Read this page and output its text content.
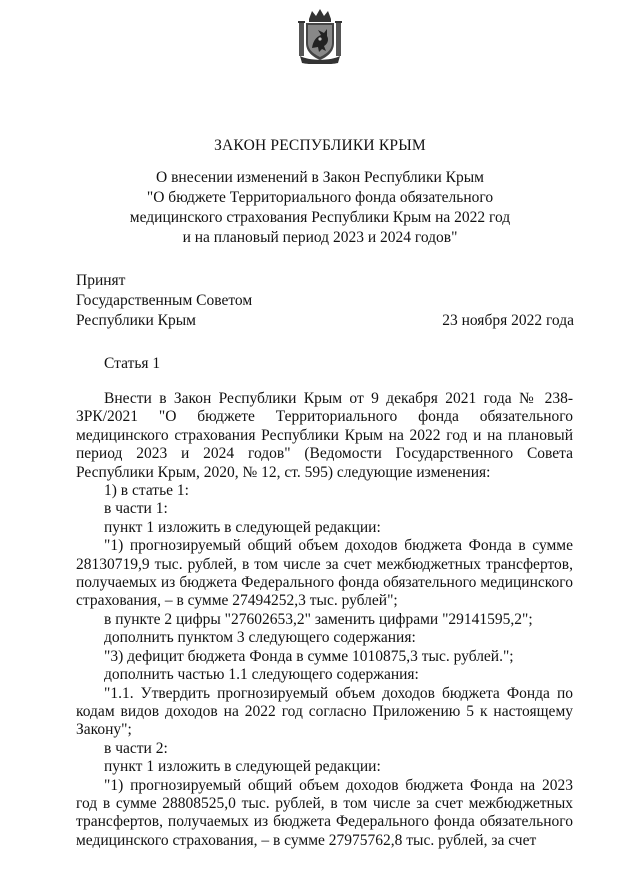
ЗАКОН РЕСПУБЛИКИ КРЫМ
О внесении изменений в Закон Республики Крым
"О бюджете Территориального фонда обязательного
медицинского страхования Республики Крым на 2022 год
и на плановый период 2023 и 2024 годов"
Принят
Государственным Советом
Республики Крым	23 ноября 2022 года
Статья 1

Внести в Закон Республики Крым от 9 декабря 2021 года № 238-ЗРК/2021 "О бюджете Территориального фонда обязательного медицинского страхования Республики Крым на 2022 год и на плановый период 2023 и 2024 годов" (Ведомости Государственного Совета Республики Крым, 2020, № 12, ст. 595) следующие изменения:

1) в статье 1:

в части 1:

пункт 1 изложить в следующей редакции:

"1) прогнозируемый общий объем доходов бюджета Фонда в сумме 28130719,9 тыс. рублей, в том числе за счет межбюджетных трансфертов, получаемых из бюджета Федерального фонда обязательного медицинского страхования, – в сумме 27494252,3 тыс. рублей";

в пункте 2 цифры "27602653,2" заменить цифрами "29141595,2";

дополнить пунктом 3 следующего содержания:

"3) дефицит бюджета Фонда в сумме 1010875,3 тыс. рублей.";

дополнить частью 1.1 следующего содержания:

"1.1. Утвердить прогнозируемый объем доходов бюджета Фонда по кодам видов доходов на 2022 год согласно Приложению 5 к настоящему Закону";

в части 2:

пункт 1 изложить в следующей редакции:

"1) прогнозируемый общий объем доходов бюджета Фонда на 2023 год в сумме 28808525,0 тыс. рублей, в том числе за счет межбюджетных трансфертов, получаемых из бюджета Федерального фонда обязательного медицинского страхования, – в сумме 27975762,8 тыс. рублей, за счет
